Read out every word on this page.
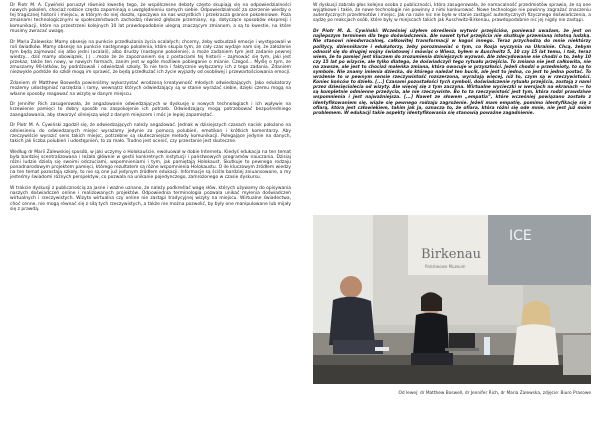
Dr Piotr M. A. Cywiński poruszył również kwestię tego, że współczesne debaty często skupiają się na odpowiedzialności nowych pokoleń, chociaż rodzice często zapominają o uwzględnieniu samych siebie. Odpowiedzialność za szerzenie wiedzy o tej tragicznej historii i miejscu, w którym do niej doszło, spoczywa na nas wszystkich i przekracza granice pokoleniowe. Poza zmianami technologicznymi w społeczeństwach zachodzą również głębsze przemiany, np. dotyczące sposobów ekspresji i komunikacji, które na przestrzeni kolejnych 10 lat prawdopodobnie ulegną znaczącym zmianom, a są to kwestie, na które musimy zwracać uwagę.

Dr Maria Zalewska: Mamy obsesję na punkcie przedłużania życia ocalałych; chcemy, żeby wzbudzali emocje i występowali w roli świadków. Mamy obsesję na punkcie następnego pokolenia, które skupia tym, że cały czas wydaje nam się, że założenie tym będą zajmować się albo jedni (ocalali), albo drudzy (następne pokolenie), a może zadaniem tym jest zadanie pewnej wiedzy... dziś mamy obowiązek, (.) ...może że ze zapoznaniem się z postaciami tej historii – zajmować się tym, jaki jest przekaz, także ten nowy, w nowych formach, zanim jest w ogóle możliwie pobieganie o mianie. Czegoś... Myślę o tym, ze zmuszamy 90-latków, by podróżowali i odwiedzali szkoły. To nie tera i faktycznie wyłączamy ich z tego zadania. Zdaniem niezwykle podróże do szkół mogą im sprawić, że będą przedłużać ich życie wyjazdy od osobliwej i przewartościowania emocji.

Zdaniem dr Matthew Boswella powinniśmy wykorzystać wrodzoną kreatywność młodych odwiedzających. Jako edukatorzy możemy udostępniać narzędzia i ramy, wewnątrz których odwiedzający są w stanie wyrażać siebie, dzięki czemu mogą na własne sposoby reagować na wizytę w danym miejscu.

Dr Jennifer Rich zasugerowała, że angażowanie odwiedzających w dyskusję o nowych technologiach i ich wpływie na krzewienie pamięci to dobry sposób na zaspokojenie ich potrzeb. Odwiedzający mogą potrzebować bezpośredniego zaangażowania, aby stworzyć silniejszą więź z danym miejscem i móc je lepiej zapamiętać.

Dr Piotr M. A. Cywiński zgodził się, że odwiedzających należy angażować. Jednak w dzisiejszych czasach nacisk położono na odniesieniu do odwiedzanych miejsc wyrażamy jedynie za pomocą polubień, emotikon i krótkich komentarzy. Aby rzeczywiście wyrazić sens takich miejsc, potrzebne są skuteczniejsze metody komunikacji. Polegające jedynie na danych, takich jak liczba polubień i udostępnień, to za mało. Trudno jest ocenić, czy przestanie jest skuteczne.

Według dr Marii Zalewskiej sposób, w jaki uczymy o Holokauście, ewoluował w dobie Internetu. Kiedyś edukacja na ten temat była bardziej scentralizowana i leżała głównie w gestii konkretnych instytucji i państwowych programów nauczania. Dzisiaj różni ludzie dzielą się swoimi odczuciami, wspomnieniami i tym, jak pamiętają Holokaust. Skutkuje to pewnego rodzaju ponadnarodowym projektem pamięci, którego rezultatem są różne wspomnienia Holokaustu. O ile kluczowym źródłem wiedzy na ten temat pozostają szkoły, to nie są one już jedynym źródłem edukacji. Informacje są ściśle bardziej zniuansowane, a my jesteśmy świadomi różnych perspektyw, co pozwala na unikanie pojedynczego, zamrożonego w czasie dyskursu.

W trakcie dyskusji z publicznością za jasne i ważne uznano, że należy podkreślać wagę słów, których używamy do opisywania naszych doświadczeń online i realizowanych projektów. Odpowiednia terminologia pozwala unikać mylenia doświadczeń wirtualnych i rzeczywistych. Wizyta wirtualna czy online nie zastąpi tradycyjnej wizyty na miejscu. Wirtualne świadectwa, choć cenne, nie mogą równać się z siłą tych rzeczywistych, a także nie można pozwolić, by były one manipulowane lub mijały się z prawdą.

W dyskusji zabrała głos kolejna osoba z publiczności, która zasugerowała, że namacalność przedmiotów sprawia, że są one wyjątkowe i takie, że nowe technologie nie powinny z nimi konkurować. Nowe technologie nie powinny zagrażać znaczeniu autentycznych przedmiotów i miejsc. Jak na razie nic nie było w stanie zastąpić autentycznych fizycznego doświadczenia, a sądzę po reakcjach osób, które były w miejscach takich jak Auschwitz-Birkenau, prawdopodobnie nic jej nigdy nie zastąpi.

Dr Piotr M. A. Cywiński: Wcześniej użyłem określenia wytwór przejściów, ponieważ uważam, że jest on najlepszym terminem dla tego doświadczenia. Ale nawet tytuł przejścia nie skutkuje przemianą istotną ludzką. Nie stanowi nieodwracalnej, całkowitej transformacji w kogoś innego. Teraz przychodzą do mnie niektórzy politycy, dziennikarze i edukatorzy, żeby porozmawiać o tym, co Rosja wyczynia na Ukrainie. Chcą, żebym odnosił się do drugiej wojny światowej i mówiąc o Wiesz, byłem w Auschwitz 5, 10 czy 15 lat temu, i tak, teraz wiem, że to pamięć jest kluczem do zrozumienia dzisiejszych wyzwań. Ale zdecydowanie nie chodzi o to, żeby 10 czy 15 lat po wizycie, ale tylko dlatego, że doświadczyli tego rytuału przejścia. To zmiana nie jest całkowita, nie na zawsze, ale jest to chociaż maleńka zmiana, która owocuje w przyszłości. Jeżeli chodzi o przedmioty, to są to symbole. Nie znamy imienia dziecka, do którego należał ten bucik, ale jest to jedna, co jest to jedna postać. To wrażenie to w pewnym sensie rzeczywistość rozszerzona, wyrażają więcej, niż to, czym są w rzeczywistości. Koniec końców to dzieło. [...] Czasami pozostałości tych symboli, doświadczenie rytuału przejścia, zostają z nami przez dziesięciolecia od wizyty. Ale więcej się z tym zaczyna. Wirtualne wycieczki w wersjach na ekranach — to są kompletnie odmienne przeżycia, ale nie rzeczywiste. Bo to ta rzeczywistość jest tym, która rodzi prawdziwe wspomnienia i jest najważniejsza. [...] Nawet ze słowem „empatia”, które wcześniej powiązano zostało z identyfikowaniem się, wiąże się pewnego rodzaju zagrożenie. Jeżeli mam empatię, pomimo identyfikację się z ofiarą, która jest człowiekiem, takim jak ja, oznacza to, że ofiara, która różni się ode mnie, nie jest już moim problemem. W edukacji takie aspekty identyfikowania się stanowią poważne zagadnienie.

ICE
Birkenau
Państwowe Muzeum
Od lewej: dr Matthew Boswell, dr Jennifer Rich, dr Maria Zalewska, zdjęcie: Biuro Prasowe
